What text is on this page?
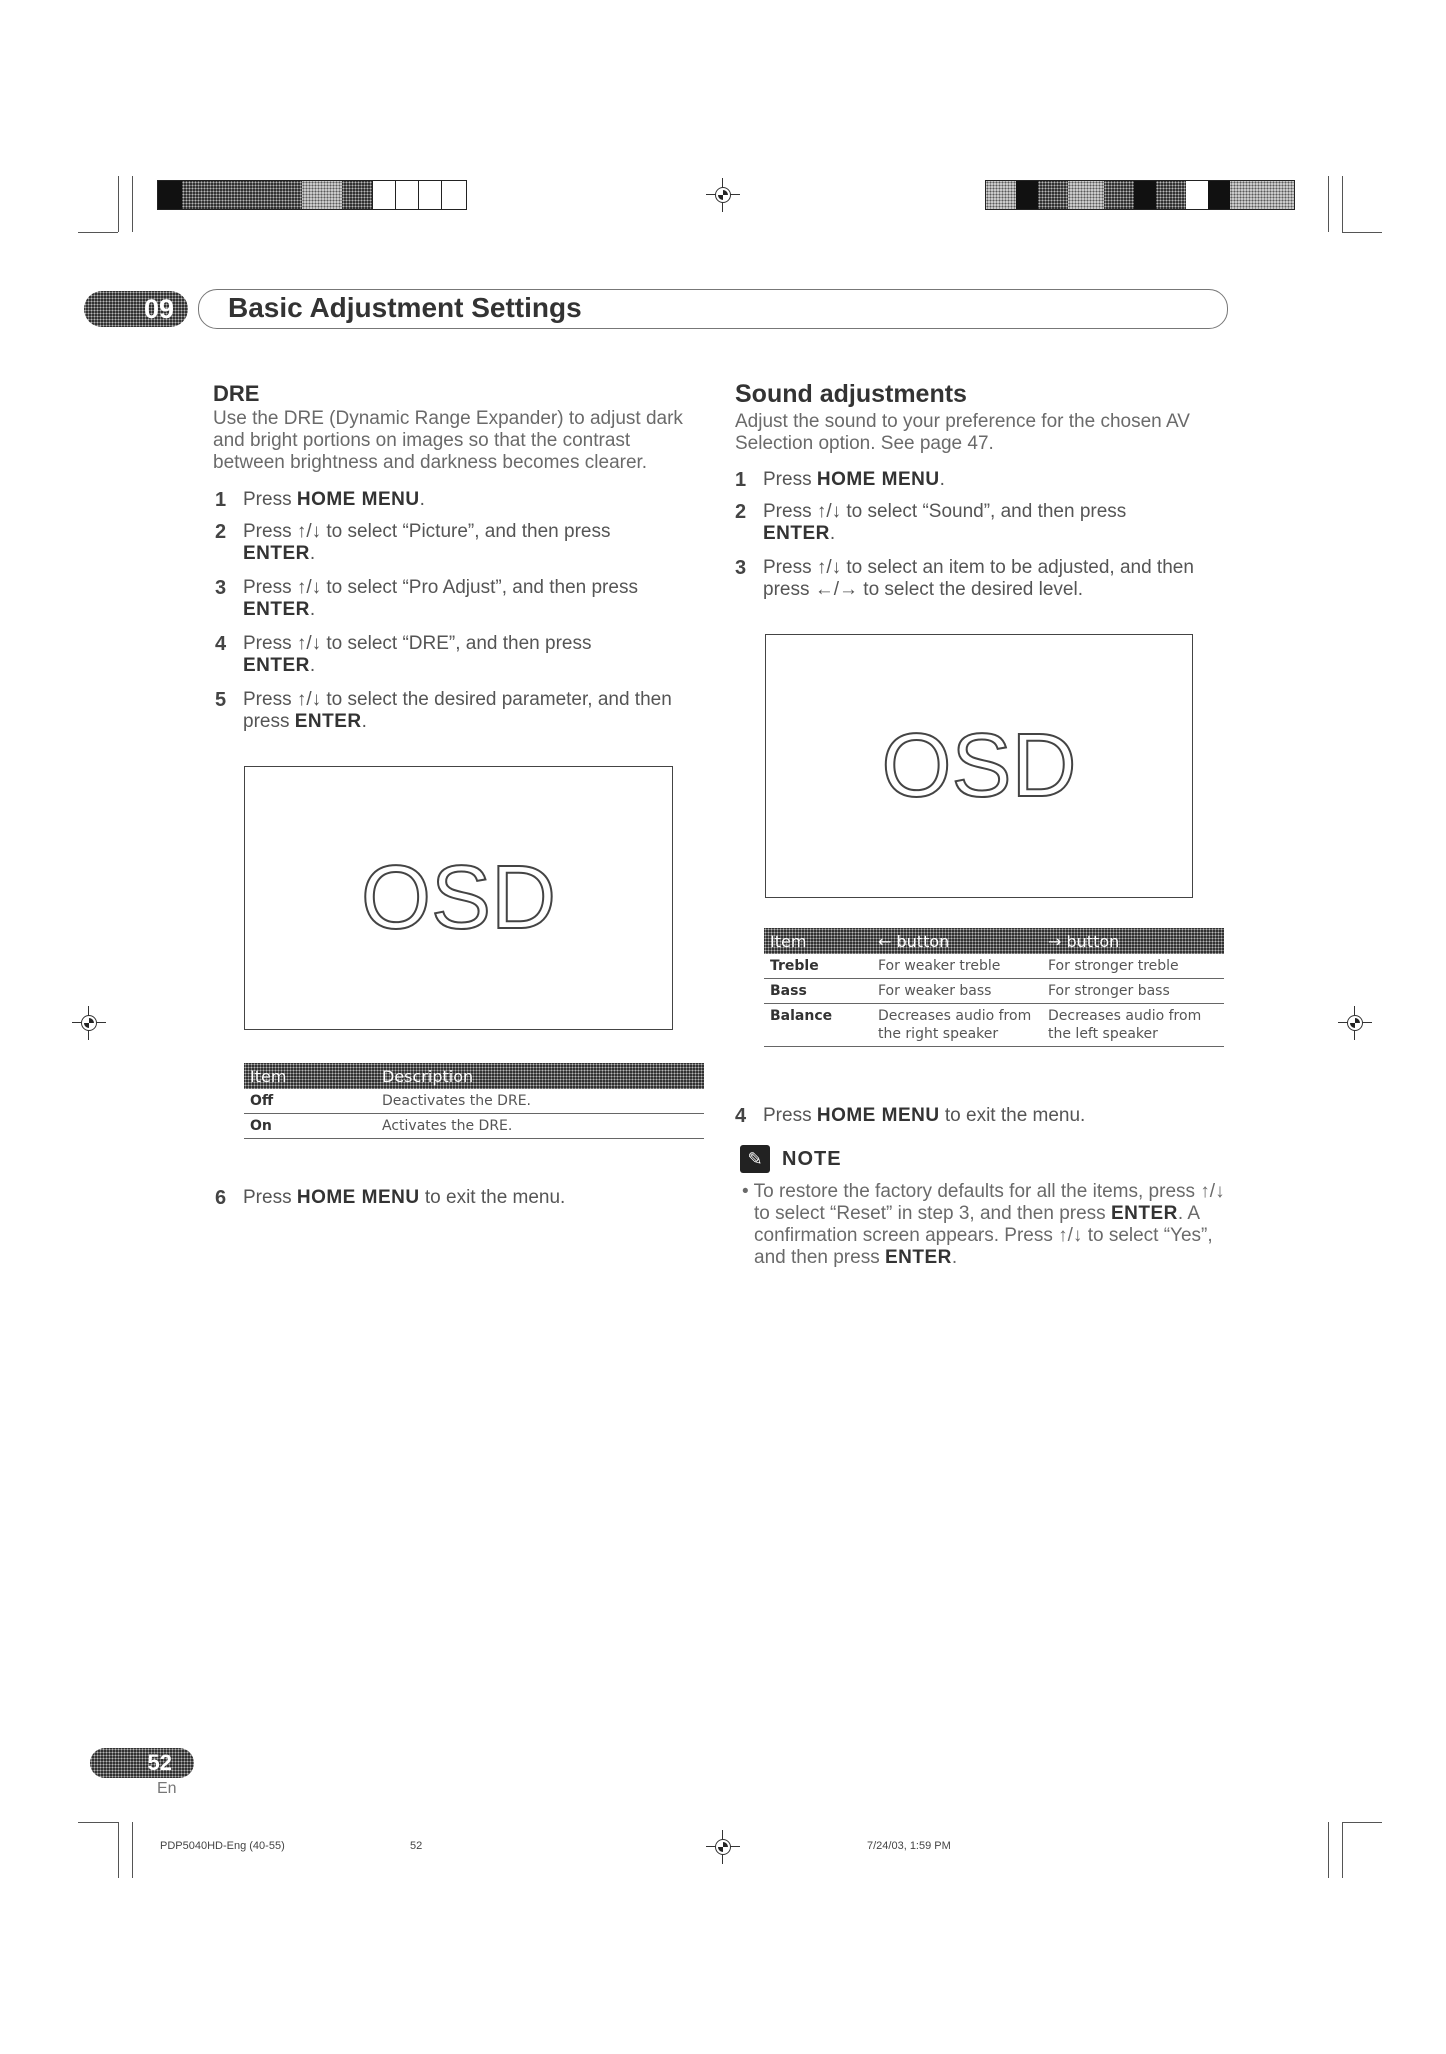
09	Basic Adjustment Settings
DRE
Use the DRE (Dynamic Range Expander) to adjust dark and bright portions on images so that the contrast between brightness and darkness becomes clearer.
1 Press HOME MENU.
2 Press ↑/↓ to select “Picture”, and then press ENTER.
3 Press ↑/↓ to select “Pro Adjust”, and then press ENTER.
4 Press ↑/↓ to select “DRE”, and then press ENTER.
5 Press ↑/↓ to select the desired parameter, and then press ENTER.
OSD
Item	Description
Off	Deactivates the DRE.
On	Activates the DRE.
6 Press HOME MENU to exit the menu.
Sound adjustments
Adjust the sound to your preference for the chosen AV Selection option. See page 47.
1 Press HOME MENU.
2 Press ↑/↓ to select “Sound”, and then press ENTER.
3 Press ↑/↓ to select an item to be adjusted, and then press ←/→ to select the desired level.
OSD
Item	← button	→ button
Treble	For weaker treble	For stronger treble
Bass	For weaker bass	For stronger bass
Balance	Decreases audio from the right speaker	Decreases audio from the left speaker
4 Press HOME MENU to exit the menu.
✎ NOTE
• To restore the factory defaults for all the items, press ↑/↓ to select “Reset” in step 3, and then press ENTER. A confirmation screen appears. Press ↑/↓ to select “Yes”, and then press ENTER.
52
En
PDP5040HD-Eng (40-55)	52	7/24/03, 1:59 PM
